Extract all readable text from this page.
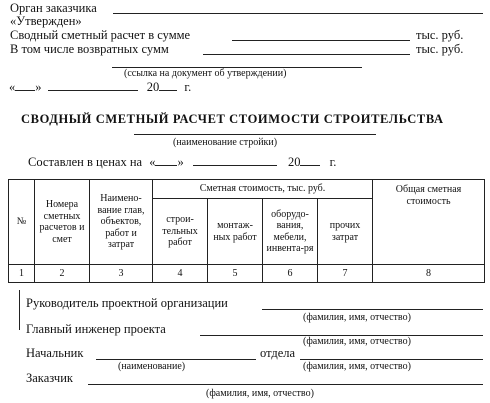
Орган заказчика
«Утвержден»
Сводный сметный расчет в сумме	тыс. руб.
В том числе возвратных сумм	тыс. руб.
(ссылка на документ об утверждении)
« »	20 г.
СВОДНЫЙ СМЕТНЫЙ РАСЧЕТ СТОИМОСТИ СТРОИТЕЛЬСТВА
(наименование стройки)
Составлен в ценах на « »	20 г.
№	Номера сметных расчетов и смет	Наимено-вание глав, объектов, работ и затрат	Сметная стоимость, тыс. руб.				Общая сметная стоимость
			строи-тельных работ	монтаж-ных работ	оборудо-вания, мебели, инвента-ря	прочих затрат	
1	2	3	4	5	6	7	8
Руководитель проектной организации
(фамилия, имя, отчество)
Главный инженер проекта
(фамилия, имя, отчество)
Начальник	отдела
(наименование)	(фамилия, имя, отчество)
Заказчик
(фамилия, имя, отчество)
